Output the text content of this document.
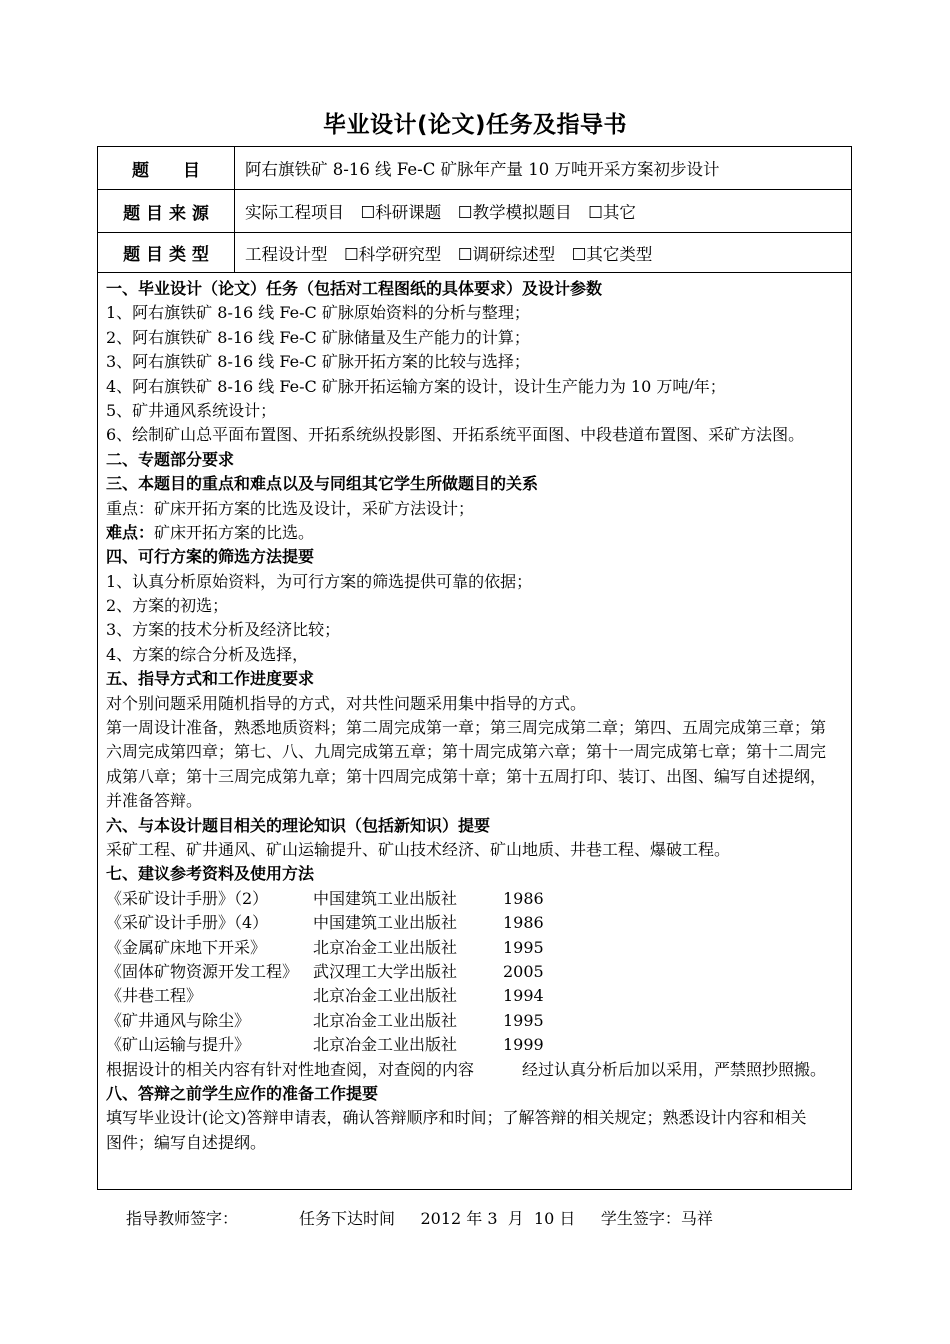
毕业设计(论文)任务及指导书
题　　目	阿右旗铁矿 8-16 线 Fe-C 矿脉年产量 10 万吨开采方案初步设计
题 目 来 源	实际工程项目　☐科研课题　☐教学模拟题目　☐其它
题 目 类 型	工程设计型　☐科学研究型　☐调研综述型　☐其它类型
一、毕业设计（论文）任务（包括对工程图纸的具体要求）及设计参数
1、阿右旗铁矿 8-16 线 Fe-C 矿脉原始资料的分析与整理；
2、阿右旗铁矿 8-16 线 Fe-C 矿脉储量及生产能力的计算；
3、阿右旗铁矿 8-16 线 Fe-C 矿脉开拓方案的比较与选择；
4、阿右旗铁矿 8-16 线 Fe-C 矿脉开拓运输方案的设计，设计生产能力为 10 万吨/年；
5、矿井通风系统设计；
6、绘制矿山总平面布置图、开拓系统纵投影图、开拓系统平面图、中段巷道布置图、采矿方法图。
二、专题部分要求
三、本题目的重点和难点以及与同组其它学生所做题目的关系
重点：矿床开拓方案的比选及设计，采矿方法设计；
难点：矿床开拓方案的比选。
四、可行方案的筛选方法提要
1、认真分析原始资料，为可行方案的筛选提供可靠的依据；
2、方案的初选；
3、方案的技术分析及经济比较；
4、方案的综合分析及选择，
五、指导方式和工作进度要求
对个别问题采用随机指导的方式，对共性问题采用集中指导的方式。
第一周设计准备，熟悉地质资料；第二周完成第一章；第三周完成第二章；第四、五周完成第三章；第
六周完成第四章；第七、八、九周完成第五章；第十周完成第六章；第十一周完成第七章；第十二周完
成第八章；第十三周完成第九章；第十四周完成第十章；第十五周打印、装订、出图、编写自述提纲，
并准备答辩。
六、与本设计题目相关的理论知识（包括新知识）提要
采矿工程、矿井通风、矿山运输提升、矿山技术经济、矿山地质、井巷工程、爆破工程。
七、建议参考资料及使用方法
《采矿设计手册》（2）	中国建筑工业出版社	1986
《采矿设计手册》（4）	中国建筑工业出版社	1986
《金属矿床地下开采》	北京冶金工业出版社	1995
《固体矿物资源开发工程》 武汉理工大学出版社	2005
《井巷工程》	北京冶金工业出版社	1994
《矿井通风与除尘》	北京冶金工业出版社	1995
《矿山运输与提升》	北京冶金工业出版社	1999
根据设计的相关内容有针对性地查阅，对查阅的内容　　　经过认真分析后加以采用，严禁照抄照搬。
八、答辩之前学生应作的准备工作提要
填写毕业设计(论文)答辩申请表，确认答辩顺序和时间；了解答辩的相关规定；熟悉设计内容和相关
图件；编写自述提纲。
指导教师签字：	任务下达时间 2012 年 3  月  10 日 学生签字：马祥
